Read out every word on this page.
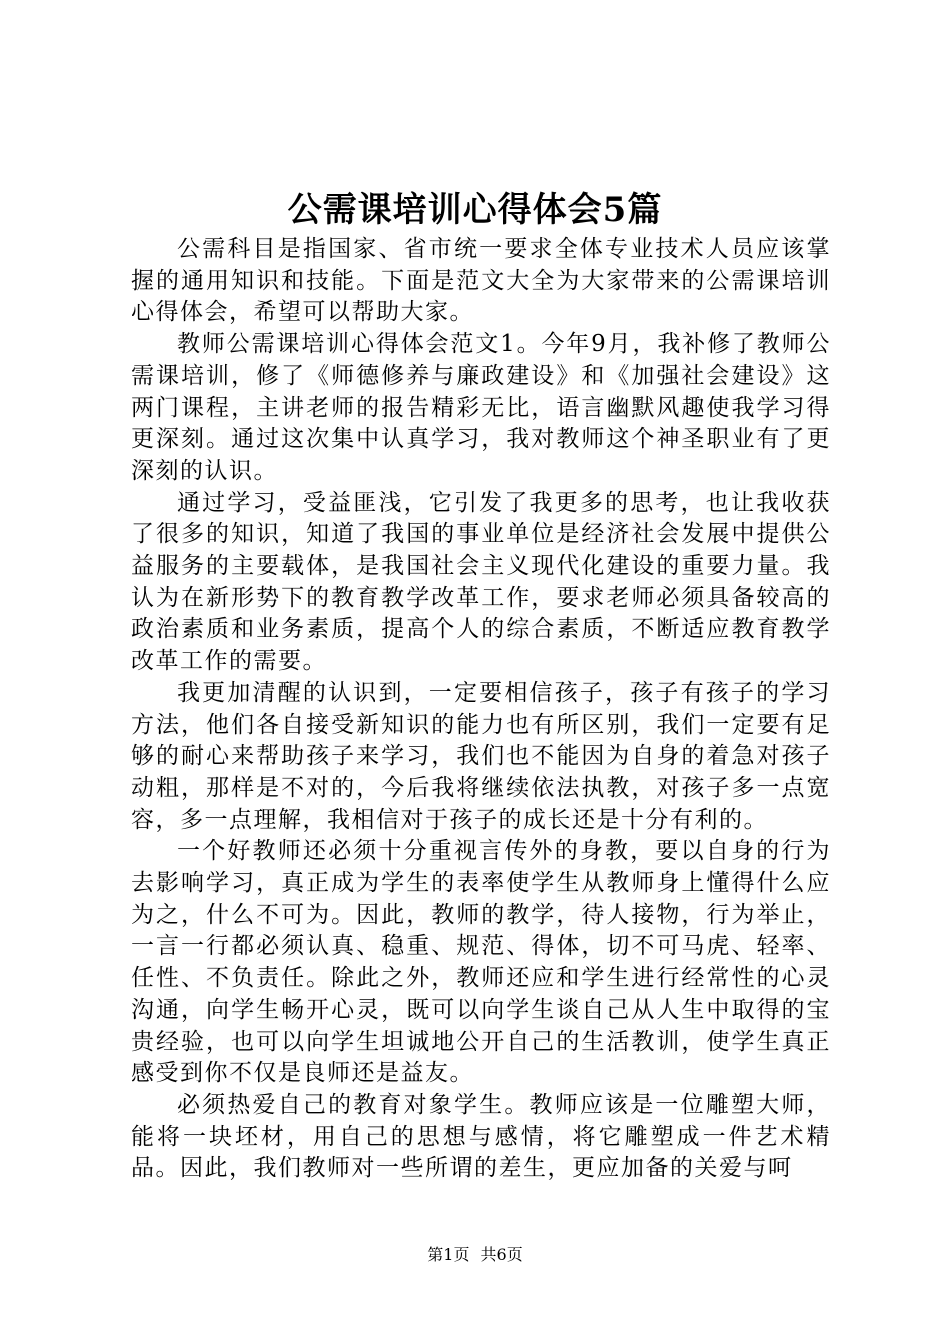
公需课培训心得体会5篇

公需科目是指国家、省市统一要求全体专业技术人员应该掌握的通用知识和技能。下面是范文大全为大家带来的公需课培训心得体会，希望可以帮助大家。

教师公需课培训心得体会范文1。今年9月，我补修了教师公需课培训，修了《师德修养与廉政建设》和《加强社会建设》这两门课程，主讲老师的报告精彩无比，语言幽默风趣使我学习得更深刻。通过这次集中认真学习，我对教师这个神圣职业有了更深刻的认识。

通过学习，受益匪浅，它引发了我更多的思考，也让我收获了很多的知识，知道了我国的事业单位是经济社会发展中提供公益服务的主要载体，是我国社会主义现代化建设的重要力量。我认为在新形势下的教育教学改革工作，要求老师必须具备较高的政治素质和业务素质，提高个人的综合素质，不断适应教育教学改革工作的需要。

我更加清醒的认识到，一定要相信孩子，孩子有孩子的学习方法，他们各自接受新知识的能力也有所区别，我们一定要有足够的耐心来帮助孩子来学习，我们也不能因为自身的着急对孩子动粗，那样是不对的，今后我将继续依法执教，对孩子多一点宽容，多一点理解，我相信对于孩子的成长还是十分有利的。

一个好教师还必须十分重视言传外的身教，要以自身的行为去影响学习，真正成为学生的表率使学生从教师身上懂得什么应为之，什么不可为。因此，教师的教学，待人接物，行为举止，一言一行都必须认真、稳重、规范、得体，切不可马虎、轻率、任性、不负责任。除此之外，教师还应和学生进行经常性的心灵沟通，向学生畅开心灵，既可以向学生谈自己从人生中取得的宝贵经验，也可以向学生坦诚地公开自己的生活教训，使学生真正感受到你不仅是良师还是益友。

必须热爱自己的教育对象学生。教师应该是一位雕塑大师，能将一块坯材，用自己的思想与感情，将它雕塑成一件艺术精品。因此，我们教师对一些所谓的差生，更应加备的关爱与呵

第1页 共6页
